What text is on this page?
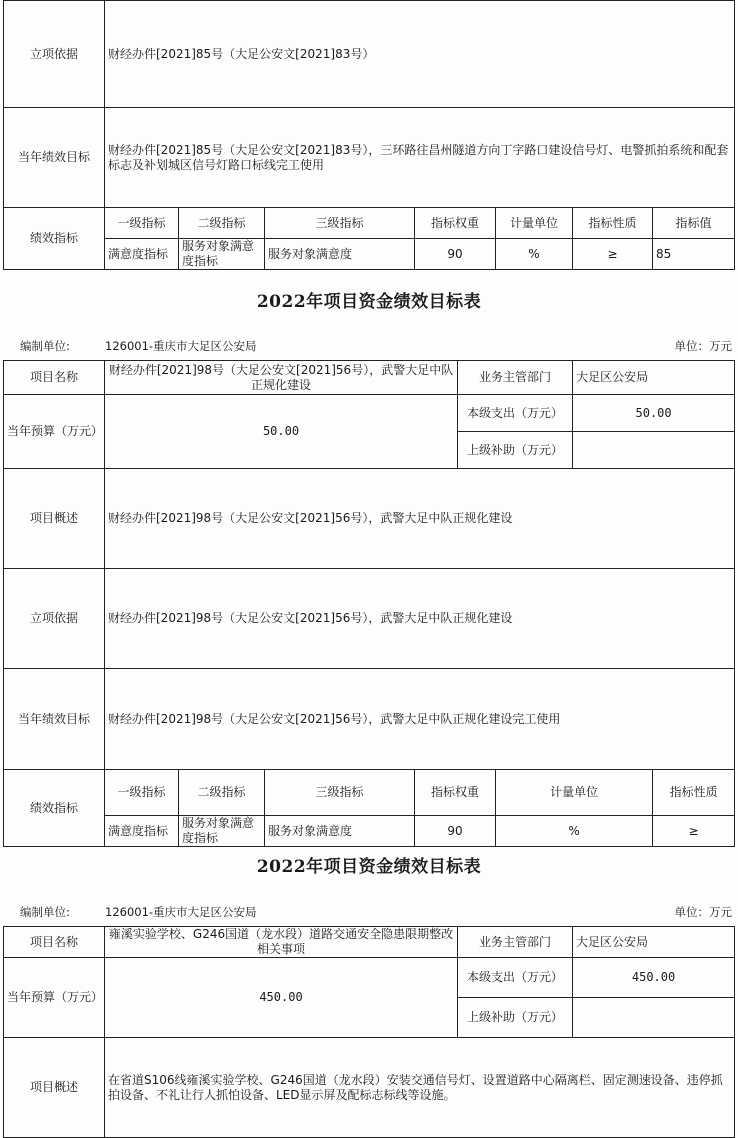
立项依据	财经办件[2021]85号（大足公安文[2021]83号）						
当年绩效目标	财经办件[2021]85号（大足公安文[2021]83号），三环路往昌州隧道方向丁字路口建设信号灯、电警抓拍系统和配套标志及补划城区信号灯路口标线完工使用						
绩效指标	一级指标	二级指标	三级指标	指标权重	计量单位	指标性质	指标值
	满意度指标	服务对象满意度指标	服务对象满意度	90	%	≥	85
2022年项目资金绩效目标表
编制单位:	126001-重庆市大足区公安局	单位：万元
项目名称	财经办件[2021]98号（大足公安文[2021]56号），武警大足中队正规化建设				业务主管部门		大足区公安局		
当年预算（万元）	50.00				本级支出（万元）		50.00		
					上级补助（万元）				
项目概述	财经办件[2021]98号（大足公安文[2021]56号），武警大足中队正规化建设								
立项依据	财经办件[2021]98号（大足公安文[2021]56号），武警大足中队正规化建设								
当年绩效目标	财经办件[2021]98号（大足公安文[2021]56号），武警大足中队正规化建设完工使用								
绩效指标	一级指标	二级指标	三级指标	指标权重		计量单位		指标性质	
	满意度指标	服务对象满意度指标	服务对象满意度	90		%		≥	
2022年项目资金绩效目标表
编制单位:	126001-重庆市大足区公安局	单位：万元
项目名称	雍溪实验学校、G246国道（龙水段）道路交通安全隐患限期整改相关事项	业务主管部门	大足区公安局
当年预算（万元）	450.00	本级支出（万元）	450.00
		上级补助（万元）	
项目概述	在省道S106线雍溪实验学校、G246国道（龙水段）安装交通信号灯、设置道路中心隔离栏、固定测速设备、违停抓拍设备、不礼让行人抓怕设备、LED显示屏及配标志标线等设施。		
